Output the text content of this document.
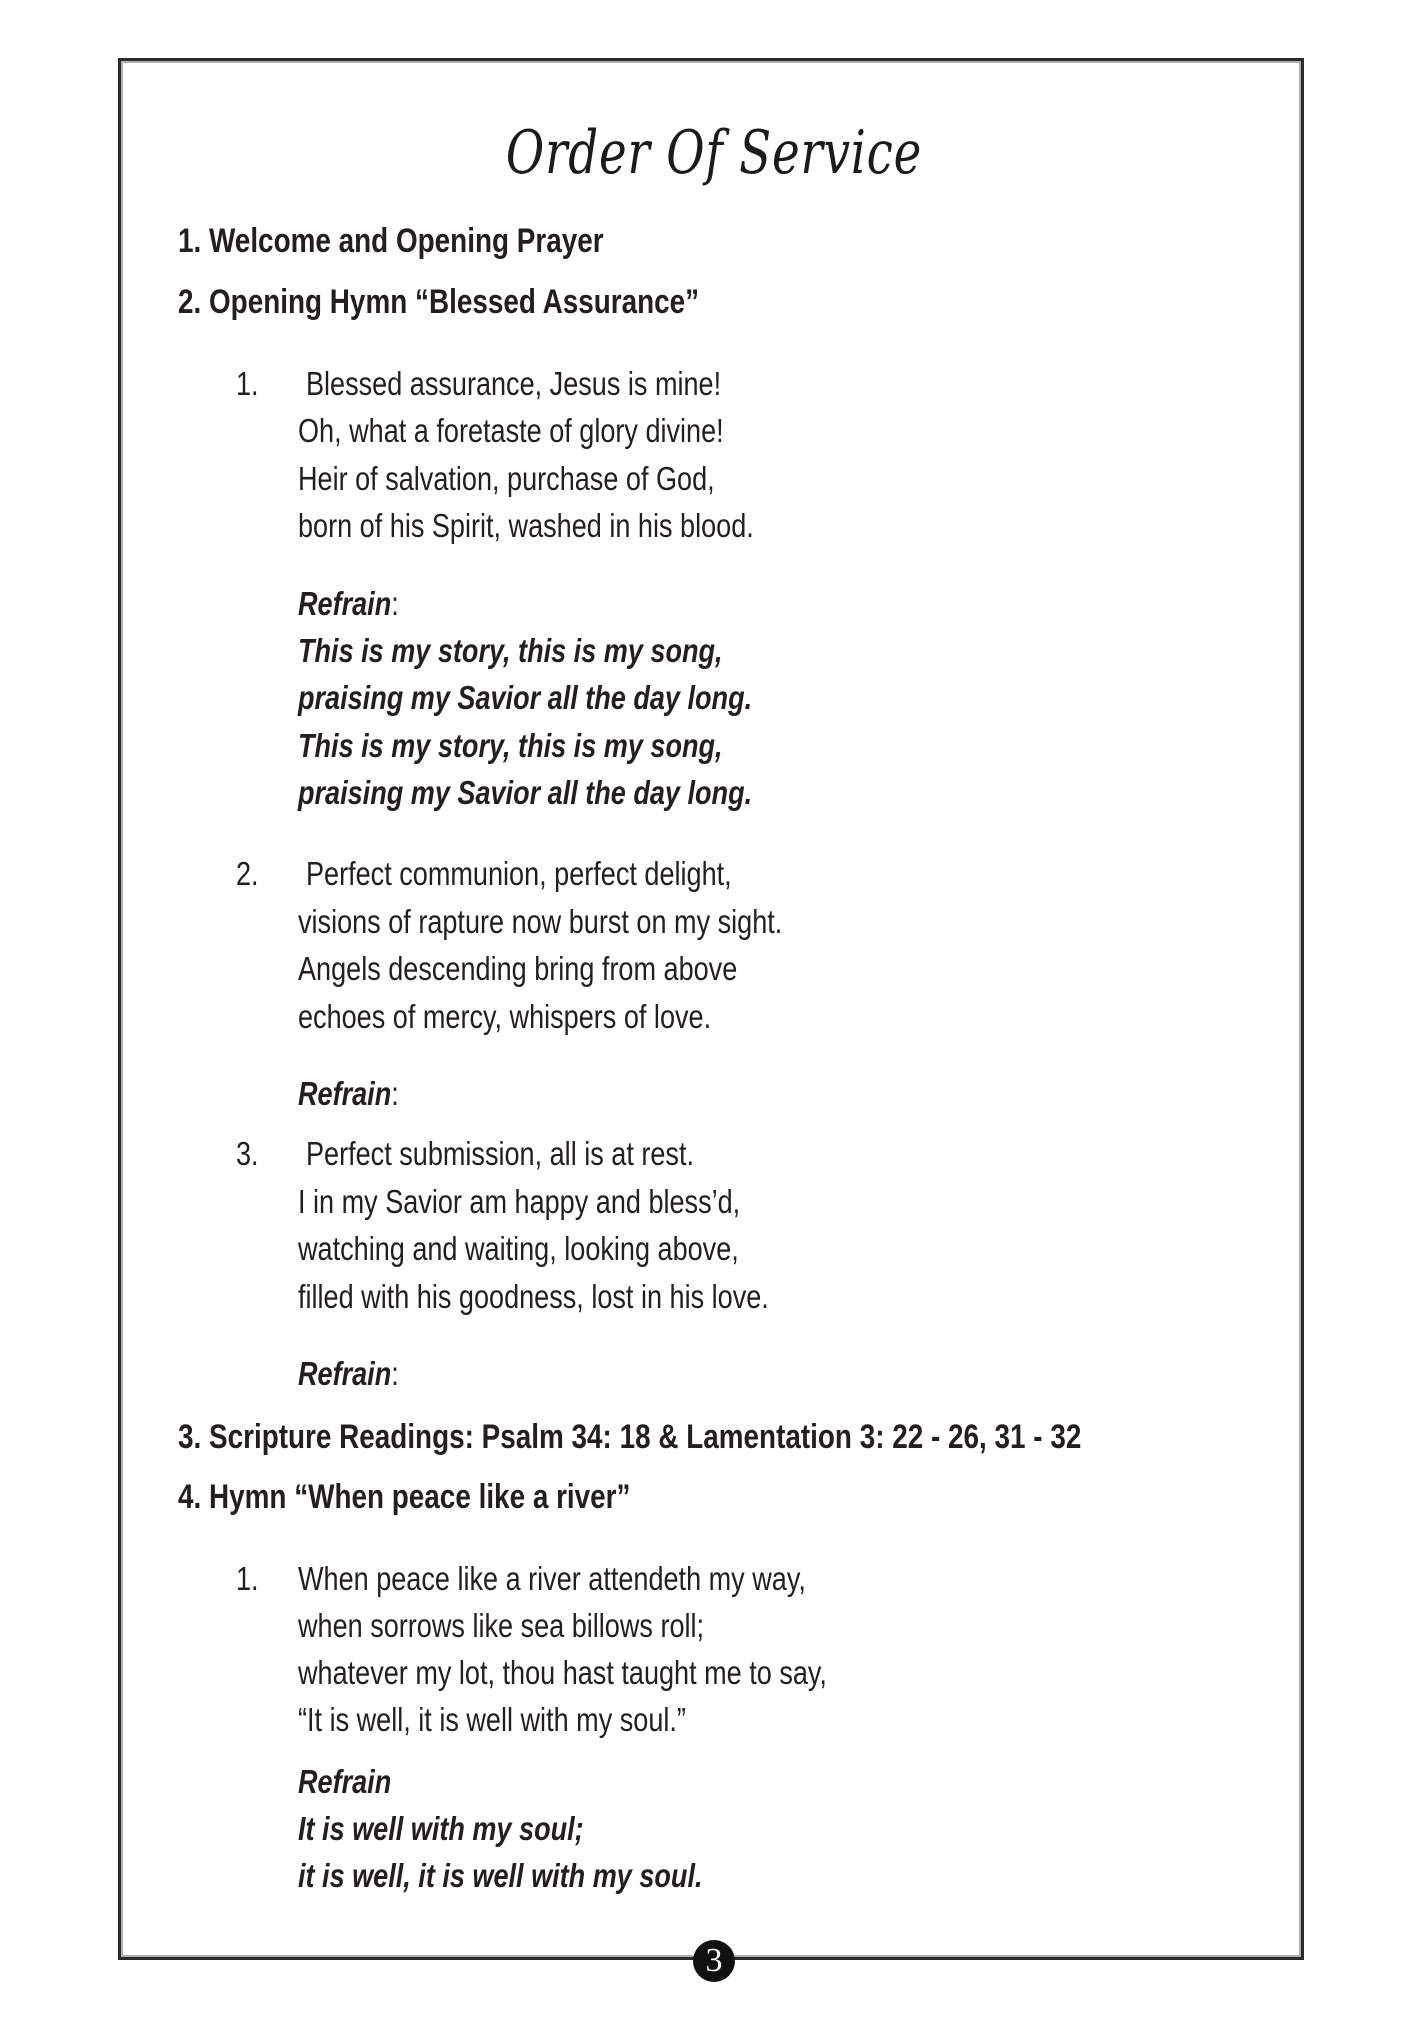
Order Of Service
1. Welcome and Opening Prayer
2. Opening Hymn “Blessed Assurance”
1. Blessed assurance, Jesus is mine!
Oh, what a foretaste of glory divine!
Heir of salvation, purchase of God,
born of his Spirit, washed in his blood.
Refrain:
This is my story, this is my song,
praising my Savior all the day long.
This is my story, this is my song,
praising my Savior all the day long.
2. Perfect communion, perfect delight,
visions of rapture now burst on my sight.
Angels descending bring from above
echoes of mercy, whispers of love.
Refrain:
3. Perfect submission, all is at rest.
I in my Savior am happy and bless’d,
watching and waiting, looking above,
filled with his goodness, lost in his love.
Refrain:
3. Scripture Readings: Psalm 34: 18 & Lamentation 3: 22 - 26, 31 - 32
4. Hymn “When peace like a river”
1. When peace like a river attendeth my way,
when sorrows like sea billows roll;
whatever my lot, thou hast taught me to say,
“It is well, it is well with my soul.”
Refrain
It is well with my soul;
it is well, it is well with my soul.
3
